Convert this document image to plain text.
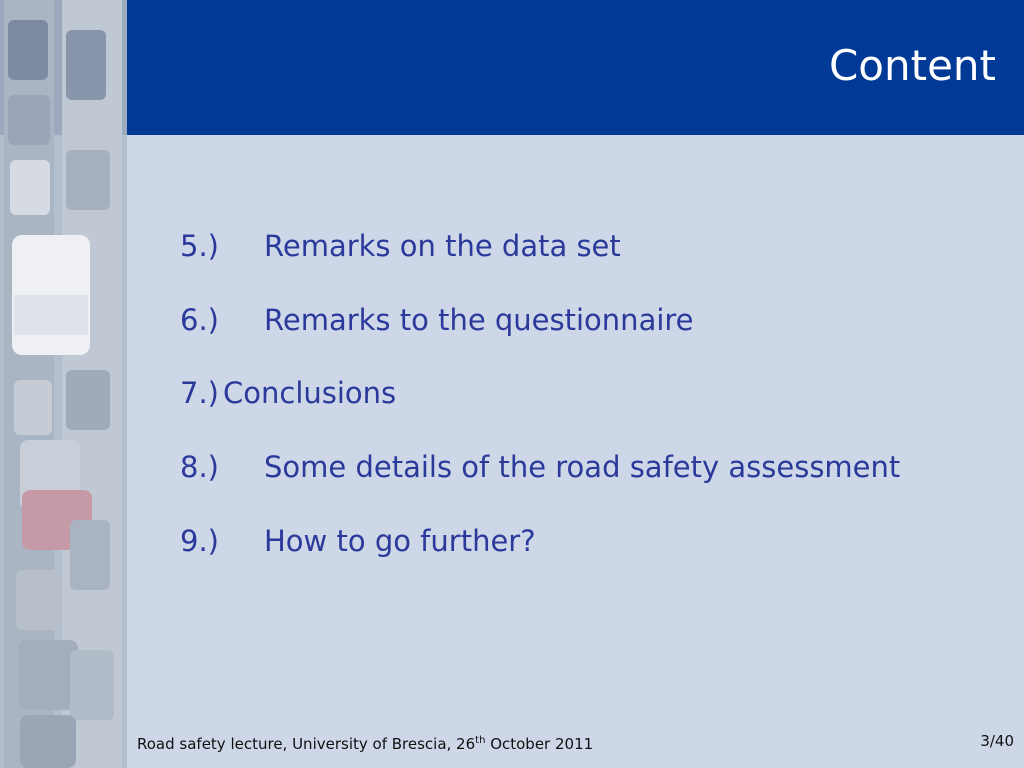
Content
5.) Remarks on the data set
6.) Remarks to the questionnaire
7.) Conclusions
8.) Some details of the road safety assessment
9.) How to go further?
Road safety lecture, University of Brescia, 26th October 2011	3/40
